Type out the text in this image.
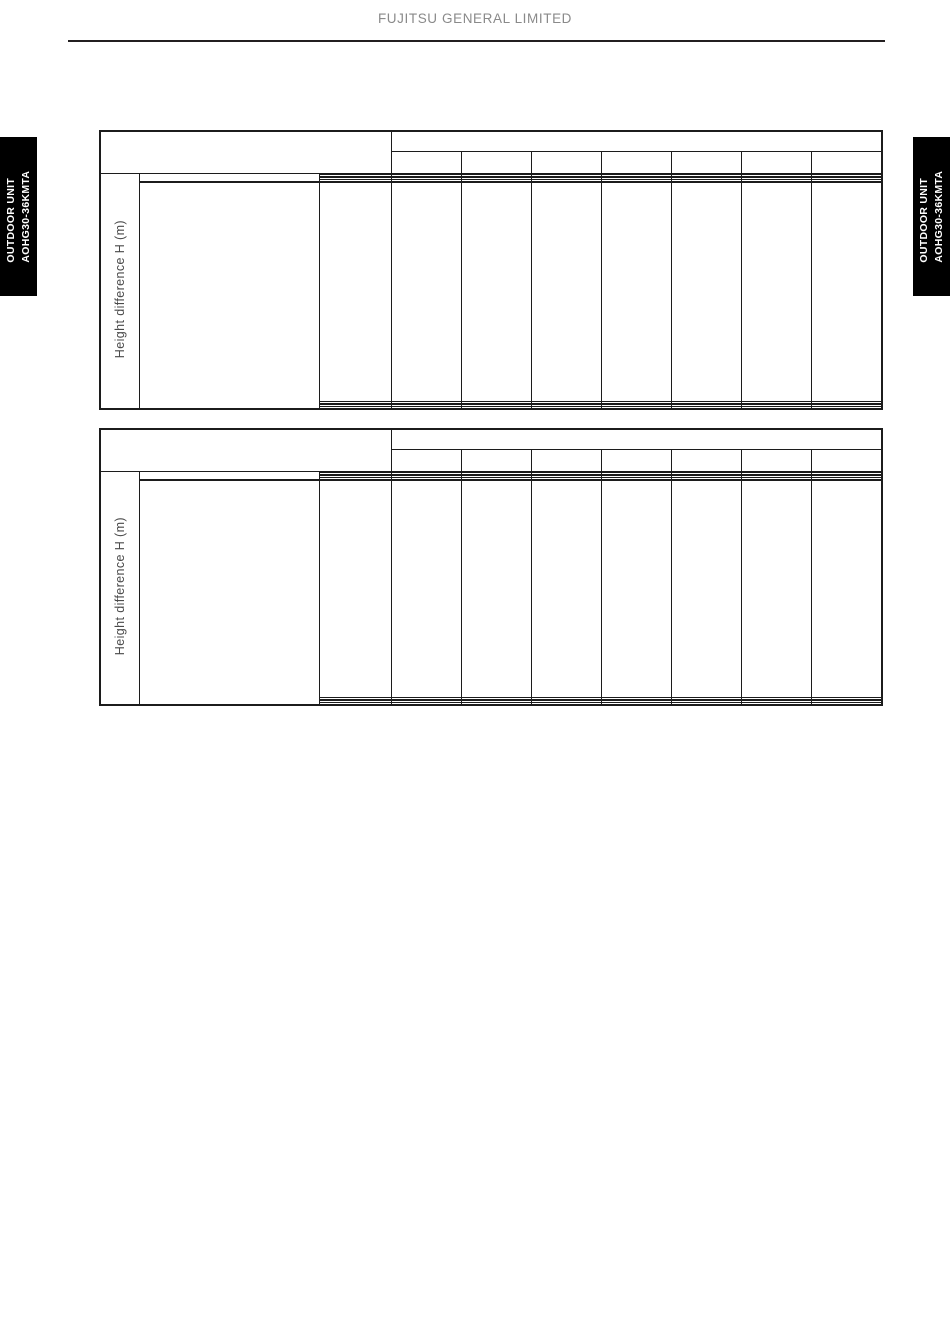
FUJITSU GENERAL LIMITED
OUTDOOR UNIT AOHG30-36KMTA	OUTDOOR UNIT AOHG30-36KMTA

Height difference H (m)									

Height difference H (m)									
